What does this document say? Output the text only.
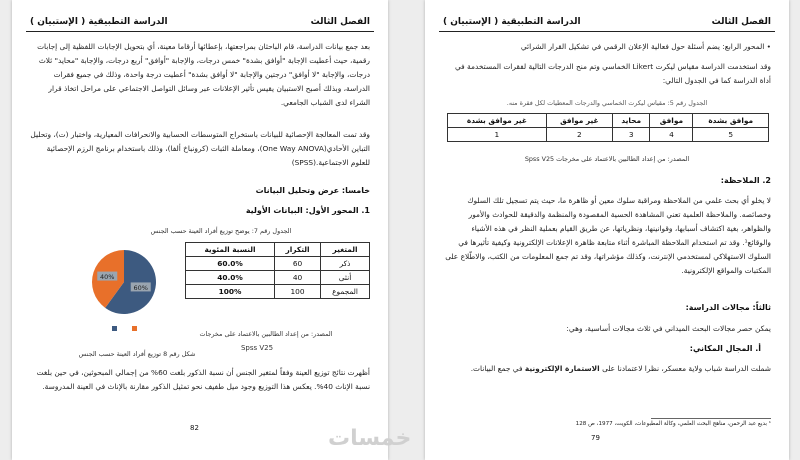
الدراسة التطبيقية ( الإستبيان )	الفصل الثالث
بعد جمع بيانات الدراسة، قام الباحثان بمراجعتها، بإعطائها أرقاما معينة، أي بتحويل الإجابات اللفظية إلى إجابات رقمية، حيث أعطيت الإجابة "أوافق بشدة" خمس درجات، والإجابة "أوافق" أربع درجات، والإجابة "محايد" ثلاث درجات، والإجابة "لا أوافق" درجتين والإجابة "لا أوافق بشدة" أعطيت درجة واحدة، وذلك في جميع فقرات الدراسة، وبذلك أصبح الاستبيان يقيس تأثير الإعلانات عبر وسائل التواصل الاجتماعي على مراحل اتخاذ قرار الشراء لدى الشباب الجامعي.
وقد تمت المعالجة الإحصائية للبيانات باستخراج المتوسطات الحسابية والانحرافات المعيارية، واختبار (ت)، وتحليل التباين الأحادي(One Way ANOVA)، ومعاملة الثبات (كرونباخ ألفا)، وذلك باستخدام برنامج الرزم الإحصائية للعلوم الاجتماعية.(SPSS)
خامسا: عرض وتحليل البيانات
1. المحور الأول: البيانات الأولية
الجدول رقم 7: يوضح توزيع أفراد العينة حسب الجنس
المتغير	التكرار	النسبة المئوية
ذكر	60	60.0%
أنثى	40	40.0%
المجموع	100	100%
60%
40%
المصدر: من إعداد الطالبين بالاعتماد على مخرجات
Spss V25
شكل رقم 8 توزيع أفراد العينة حسب الجنس
أظهرت نتائج توزيع العينة وفقاً لمتغير الجنس أن نسبة الذكور بلغت 60% من إجمالي المبحوثين، في حين بلغت نسبة الإناث 40%. يعكس هذا التوزيع وجود ميل طفيف نحو تمثيل الذكور مقارنة بالإناث في العينة المدروسة.
82
الدراسة التطبيقية ( الإستبيان )	الفصل الثالث
• المحور الرابع: يضم أسئلة حول فعالية الإعلان الرقمي في تشكيل القرار الشرائي
وقد استخدمت الدراسة مقياس ليكرت Likert الخماسي وتم منح الدرجات التالية لفقرات المستخدمة في أداة الدراسة كما في الجدول التالي:
الجدول رقم 5: مقياس ليكرت الخماسي والدرجات المعطيات لكل فقرة منه.
موافق بشدة	موافق	محايد	غير موافق	غير موافق بشدة
5	4	3	2	1
المصدر: من إعداد الطالبين بالاعتماد على مخرجات Spss V25
2. الملاحظة:
لا يخلو أي بحث علمي من الملاحظة ومراقبة سلوك معين أو ظاهرة ما، حيث يتم تسجيل تلك السلوك وخصائصه. والملاحظة العلمية تعني المشاهدة الحسية المقصودة والمنظمة والدقيقة للحوادث والأمور والظواهر، بغية اكتشاف أسبابها، وقوانينها، ونظرياتها، عن طريق القيام بعملية النظر في هذه الأشياء والوقائع¹. وقد تم استخدام الملاحظة المباشرة أثناء متابعة ظاهرة الإعلانات الإلكترونية وكيفية تأثيرها في السلوك الاستهلاكي لمستخدمي الإنترنت، وكذلك مؤشراتها، وقد تم جمع المعلومات من الكتب، والاطّلاع على المكتبات والمواقع الإلكترونية.
ثالثاً: مجالات الدراسة:
يمكن حصر مجالات البحث الميداني في ثلاث مجالات أساسية، وهي:
أ. المجال المكاني:
شملت الدراسة شباب ولاية معسكر، نظرا لاعتمادنا على الاستمارة الإلكترونية في جمع البيانات.
¹ بديع عبد الرحمن، مناهج البحث العلمي، وكالة المطبوعات، الكويت، 1977، ص 128
79
خمسات
